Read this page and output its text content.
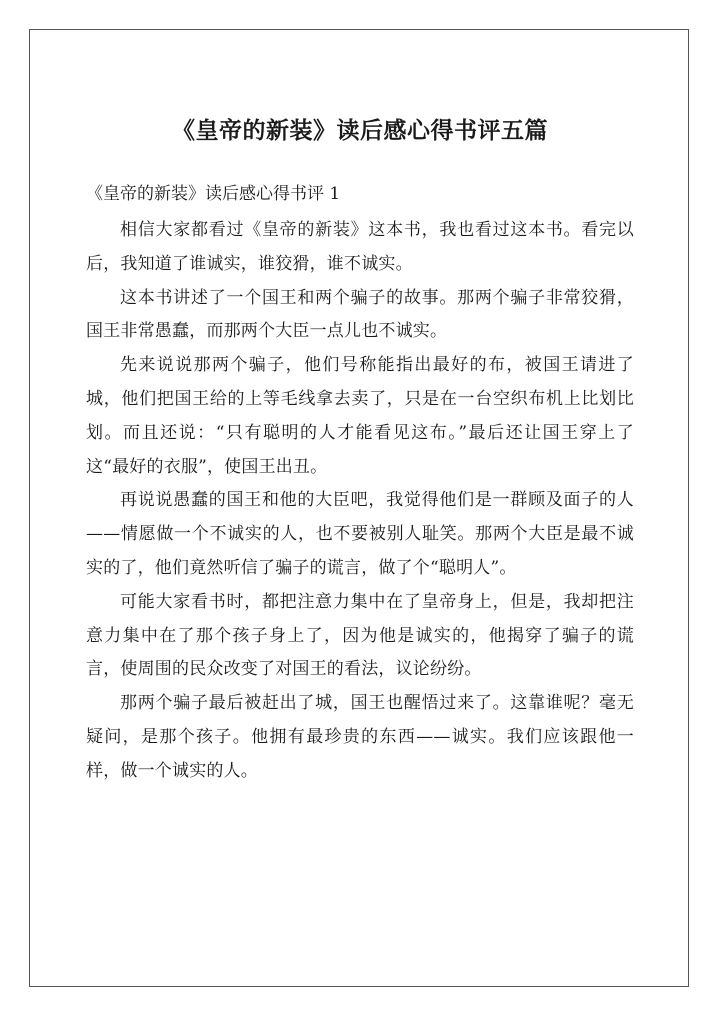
《皇帝的新装》读后感心得书评五篇

《皇帝的新装》读后感心得书评 1

相信大家都看过《皇帝的新装》这本书，我也看过这本书。看完以后，我知道了谁诚实，谁狡猾，谁不诚实。

这本书讲述了一个国王和两个骗子的故事。那两个骗子非常狡猾，国王非常愚蠢，而那两个大臣一点儿也不诚实。

先来说说那两个骗子，他们号称能指出最好的布，被国王请进了城，他们把国王给的上等毛线拿去卖了，只是在一台空织布机上比划比划。而且还说：“只有聪明的人才能看见这布。”最后还让国王穿上了这“最好的衣服”，使国王出丑。

再说说愚蠢的国王和他的大臣吧，我觉得他们是一群顾及面子的人——情愿做一个不诚实的人，也不要被别人耻笑。那两个大臣是最不诚实的了，他们竟然听信了骗子的谎言，做了个“聪明人”。

可能大家看书时，都把注意力集中在了皇帝身上，但是，我却把注意力集中在了那个孩子身上了，因为他是诚实的，他揭穿了骗子的谎言，使周围的民众改变了对国王的看法，议论纷纷。

那两个骗子最后被赶出了城，国王也醒悟过来了。这靠谁呢？毫无疑问，是那个孩子。他拥有最珍贵的东西——诚实。我们应该跟他一样，做一个诚实的人。
